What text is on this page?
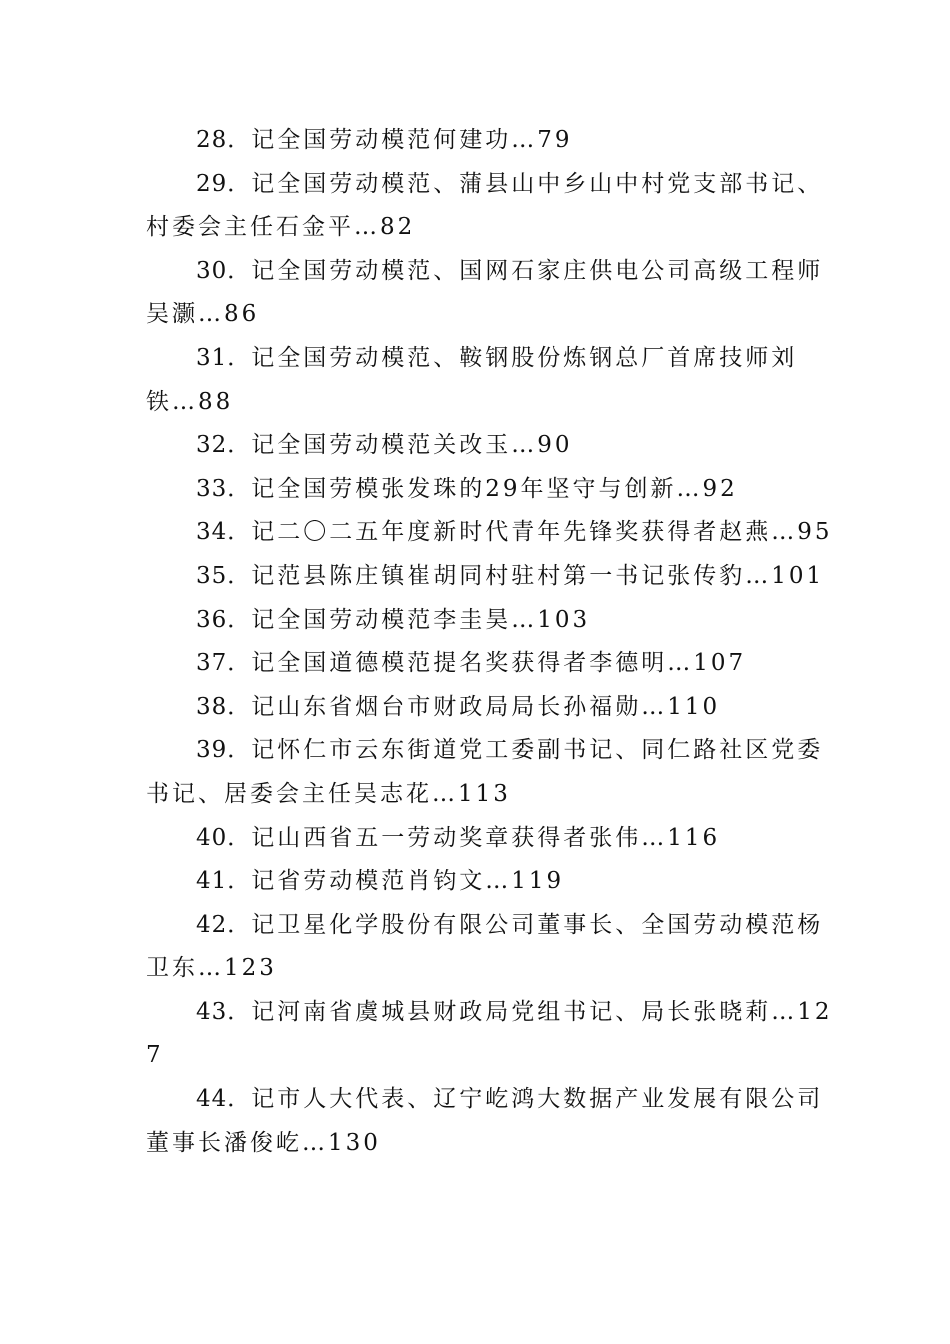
28．记全国劳动模范何建功…79

29．记全国劳动模范、蒲县山中乡山中村党支部书记、村委会主任石金平…82

30．记全国劳动模范、国网石家庄供电公司高级工程师吴灏…86

31．记全国劳动模范、鞍钢股份炼钢总厂首席技师刘铁…88

32．记全国劳动模范关改玉…90

33．记全国劳模张发珠的29年坚守与创新…92

34．记二〇二五年度新时代青年先锋奖获得者赵燕…95

35．记范县陈庄镇崔胡同村驻村第一书记张传豹…101

36．记全国劳动模范李圭昊…103

37．记全国道德模范提名奖获得者李德明…107

38．记山东省烟台市财政局局长孙福勋…110

39．记怀仁市云东街道党工委副书记、同仁路社区党委书记、居委会主任吴志花…113

40．记山西省五一劳动奖章获得者张伟…116

41．记省劳动模范肖钧文…119

42．记卫星化学股份有限公司董事长、全国劳动模范杨卫东…123

43．记河南省虞城县财政局党组书记、局长张晓莉…127

44．记市人大代表、辽宁屹鸿大数据产业发展有限公司董事长潘俊屹…130
